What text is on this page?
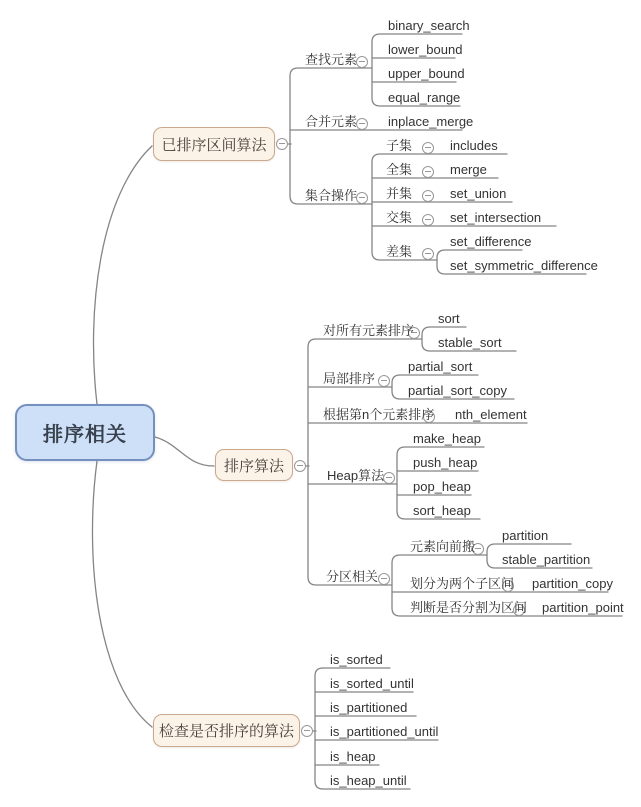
排序相关
已排序区间算法
排序算法
检查是否排序的算法
查找元素
binary_search
lower_bound
upper_bound
equal_range
合并元素 inplace_merge
集合操作
子集	includes
全集	merge
并集	set_union
交集	set_intersection
差集
set_difference
set_symmetric_difference
对所有元素排序
sort
stable_sort
局部排序
partial_sort
partial_sort_copy
根据第n个元素排序 nth_element
Heap算法
make_heap
push_heap
pop_heap
sort_heap
分区相关
元素向前搬
partition
stable_partition
划分为两个子区间 partition_copy
判断是否分割为区间 partition_point
is_sorted
is_sorted_until
is_partitioned
is_partitioned_until
is_heap
is_heap_until
